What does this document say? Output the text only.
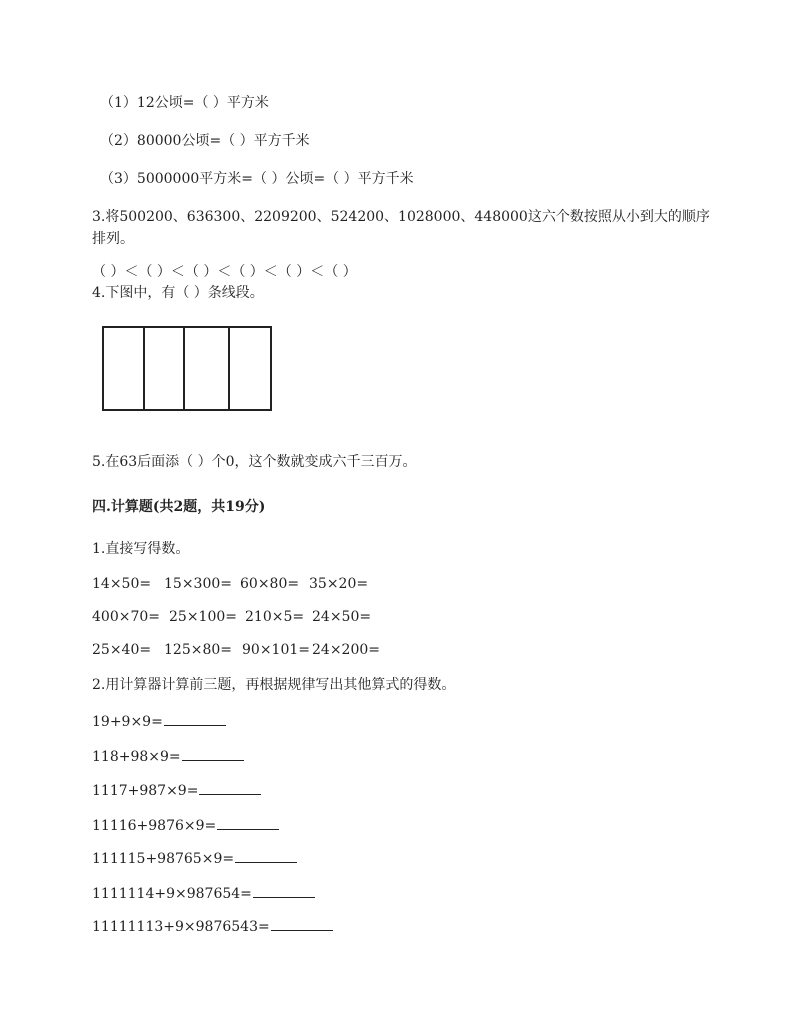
（1）12公顷=（ ）平方米
（2）80000公顷=（ ）平方千米
（3）5000000平方米=（ ）公顷=（ ）平方千米
3.将500200、636300、2209200、524200、1028000、448000这六个数按照从小到大的顺序
排列。
（ ）＜（ ）＜（ ）＜（ ）＜（ ）＜（ ）
4.下图中，有（ ）条线段。
5.在63后面添（ ）个0，这个数就变成六千三百万。
四.计算题(共2题，共19分)
1.直接写得数。
14×50= 15×300= 60×80= 35×20=
400×70= 25×100= 210×5= 24×50=
25×40= 125×80= 90×101= 24×200=
2.用计算器计算前三题，再根据规律写出其他算式的得数。
19+9×9=
118+98×9=
1117+987×9=
11116+9876×9=
111115+98765×9=
1111114+9×987654=
11111113+9×9876543=
